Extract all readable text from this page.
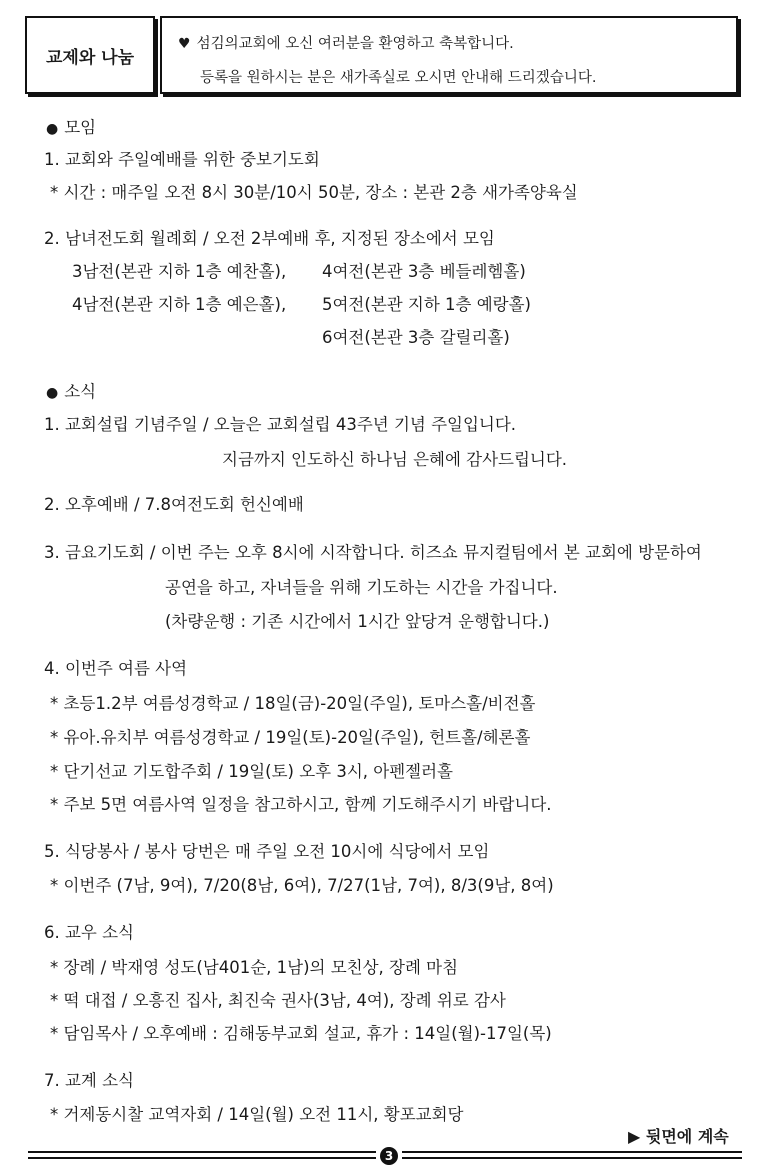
교제와 나눔
♥ 섬김의교회에 오신 여러분을 환영하고 축복합니다.
등록을 원하시는 분은 새가족실로 오시면 안내해 드리겠습니다.
● 모임
1. 교회와 주일예배를 위한 중보기도회
* 시간 : 매주일 오전 8시 30분/10시 50분, 장소 : 본관 2층 새가족양육실
2. 남녀전도회 월례회 / 오전 2부예배 후, 지정된 장소에서 모임
3남전(본관 지하 1층 예찬홀), 4여전(본관 3층 베들레헴홀)
4남전(본관 지하 1층 예은홀), 5여전(본관 지하 1층 예랑홀)
6여전(본관 3층 갈릴리홀)
● 소식
1. 교회설립 기념주일 / 오늘은 교회설립 43주년 기념 주일입니다.
지금까지 인도하신 하나님 은혜에 감사드립니다.
2. 오후예배 / 7.8여전도회 헌신예배
3. 금요기도회 / 이번 주는 오후 8시에 시작합니다. 히즈쇼 뮤지컬팀에서 본 교회에 방문하여
공연을 하고, 자녀들을 위해 기도하는 시간을 가집니다.
(차량운행 : 기존 시간에서 1시간 앞당겨 운행합니다.)
4. 이번주 여름 사역
* 초등1.2부 여름성경학교 / 18일(금)-20일(주일), 토마스홀/비전홀
* 유아.유치부 여름성경학교 / 19일(토)-20일(주일), 헌트홀/헤론홀
* 단기선교 기도합주회 / 19일(토) 오후 3시, 아펜젤러홀
* 주보 5면 여름사역 일정을 참고하시고, 함께 기도해주시기 바랍니다.
5. 식당봉사 / 봉사 당번은 매 주일 오전 10시에 식당에서 모임
* 이번주 (7남, 9여), 7/20(8남, 6여), 7/27(1남, 7여), 8/3(9남, 8여)
6. 교우 소식
* 장례 / 박재영 성도(남401순, 1남)의 모친상, 장례 마침
* 떡 대접 / 오흥진 집사, 최진숙 권사(3남, 4여), 장례 위로 감사
* 담임목사 / 오후예배 : 김해동부교회 설교, 휴가 : 14일(월)-17일(목)
7. 교계 소식
* 거제동시찰 교역자회 / 14일(월) 오전 11시, 황포교회당
▶ 뒷면에 계속
3
